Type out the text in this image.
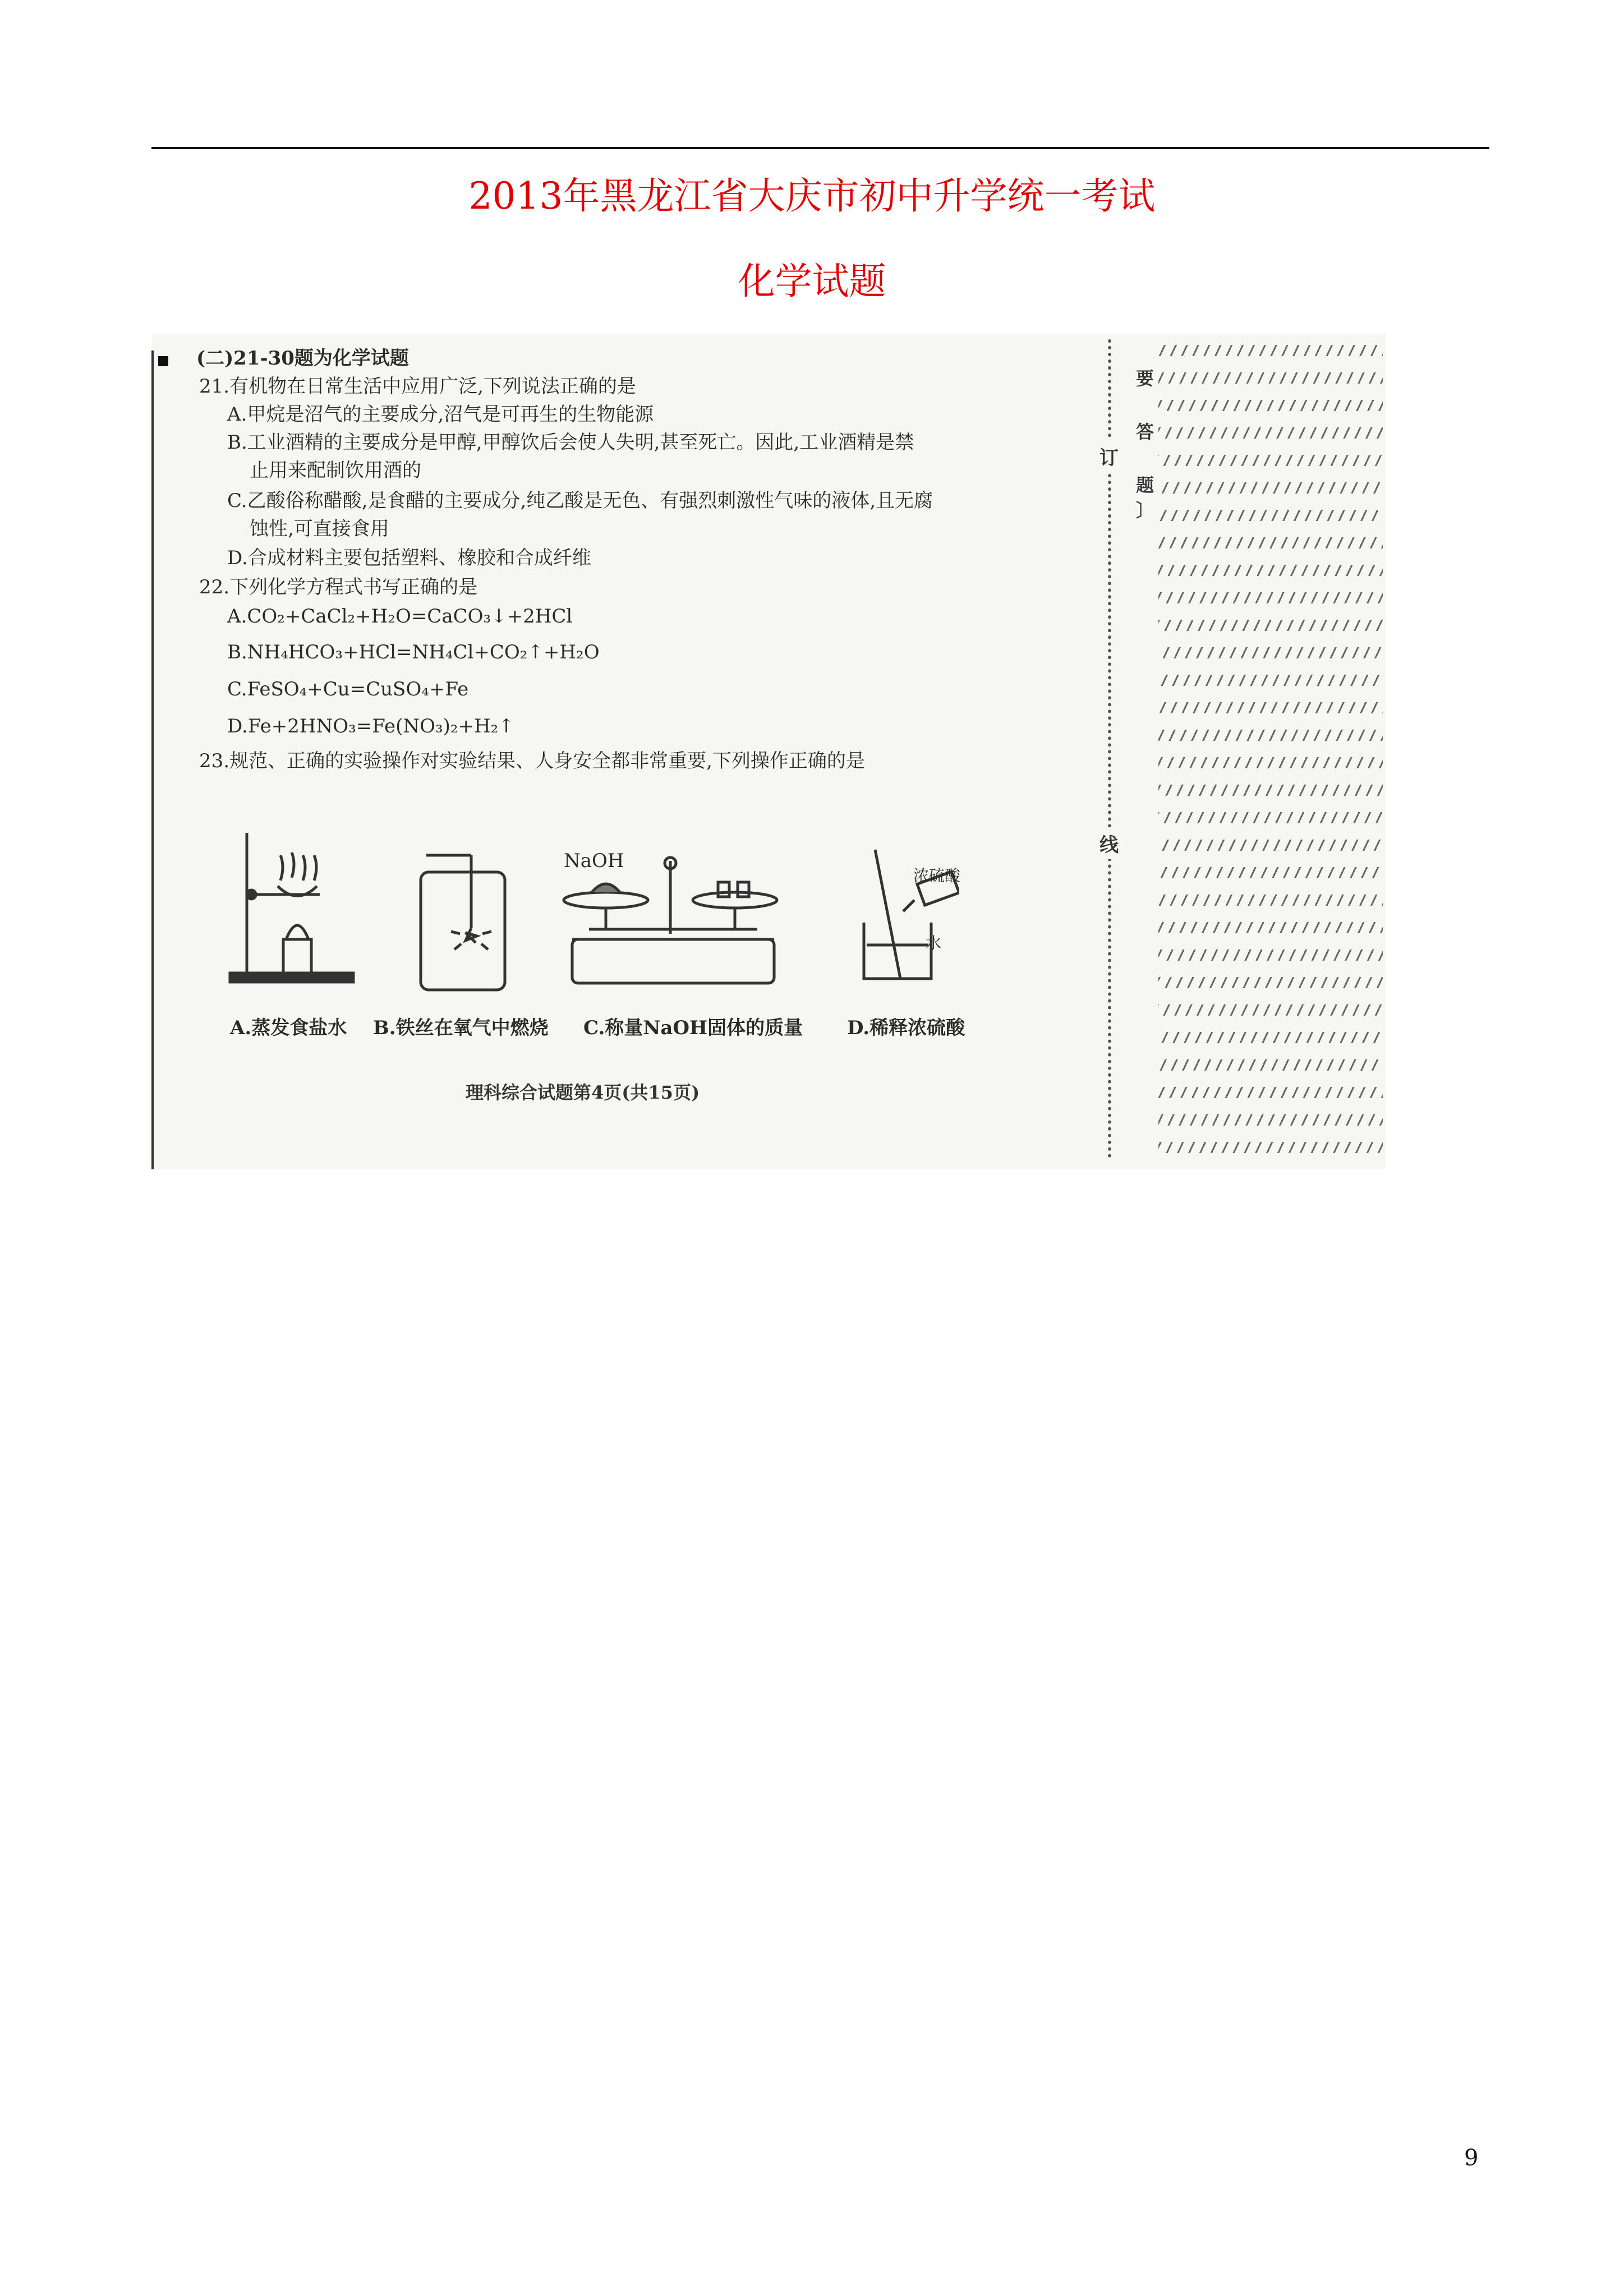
2013年黑龙江省大庆市初中升学统一考试
化学试题
(二)21-30题为化学试题
21.有机物在日常生活中应用广泛,下列说法正确的是
A.甲烷是沼气的主要成分,沼气是可再生的生物能源
B.工业酒精的主要成分是甲醇,甲醇饮后会使人失明,甚至死亡。因此,工业酒精是禁
止用来配制饮用酒的
C.乙酸俗称醋酸,是食醋的主要成分,纯乙酸是无色、有强烈刺激性气味的液体,且无腐
蚀性,可直接食用
D.合成材料主要包括塑料、橡胶和合成纤维
22.下列化学方程式书写正确的是
A.CO₂+CaCl₂+H₂O=CaCO₃↓+2HCl
B.NH₄HCO₃+HCl=NH₄Cl+CO₂↑+H₂O
C.FeSO₄+Cu=CuSO₄+Fe
D.Fe+2HNO₃=Fe(NO₃)₂+H₂↑
23.规范、正确的实验操作对实验结果、人身安全都非常重要,下列操作正确的是
A.蒸发食盐水 B.铁丝在氧气中燃烧
NaOH
C.称量NaOH固体的质量
浓硫酸
水
D.稀释浓硫酸
理科综合试题第4页(共15页)
订
线
要
答
题
〕
9
